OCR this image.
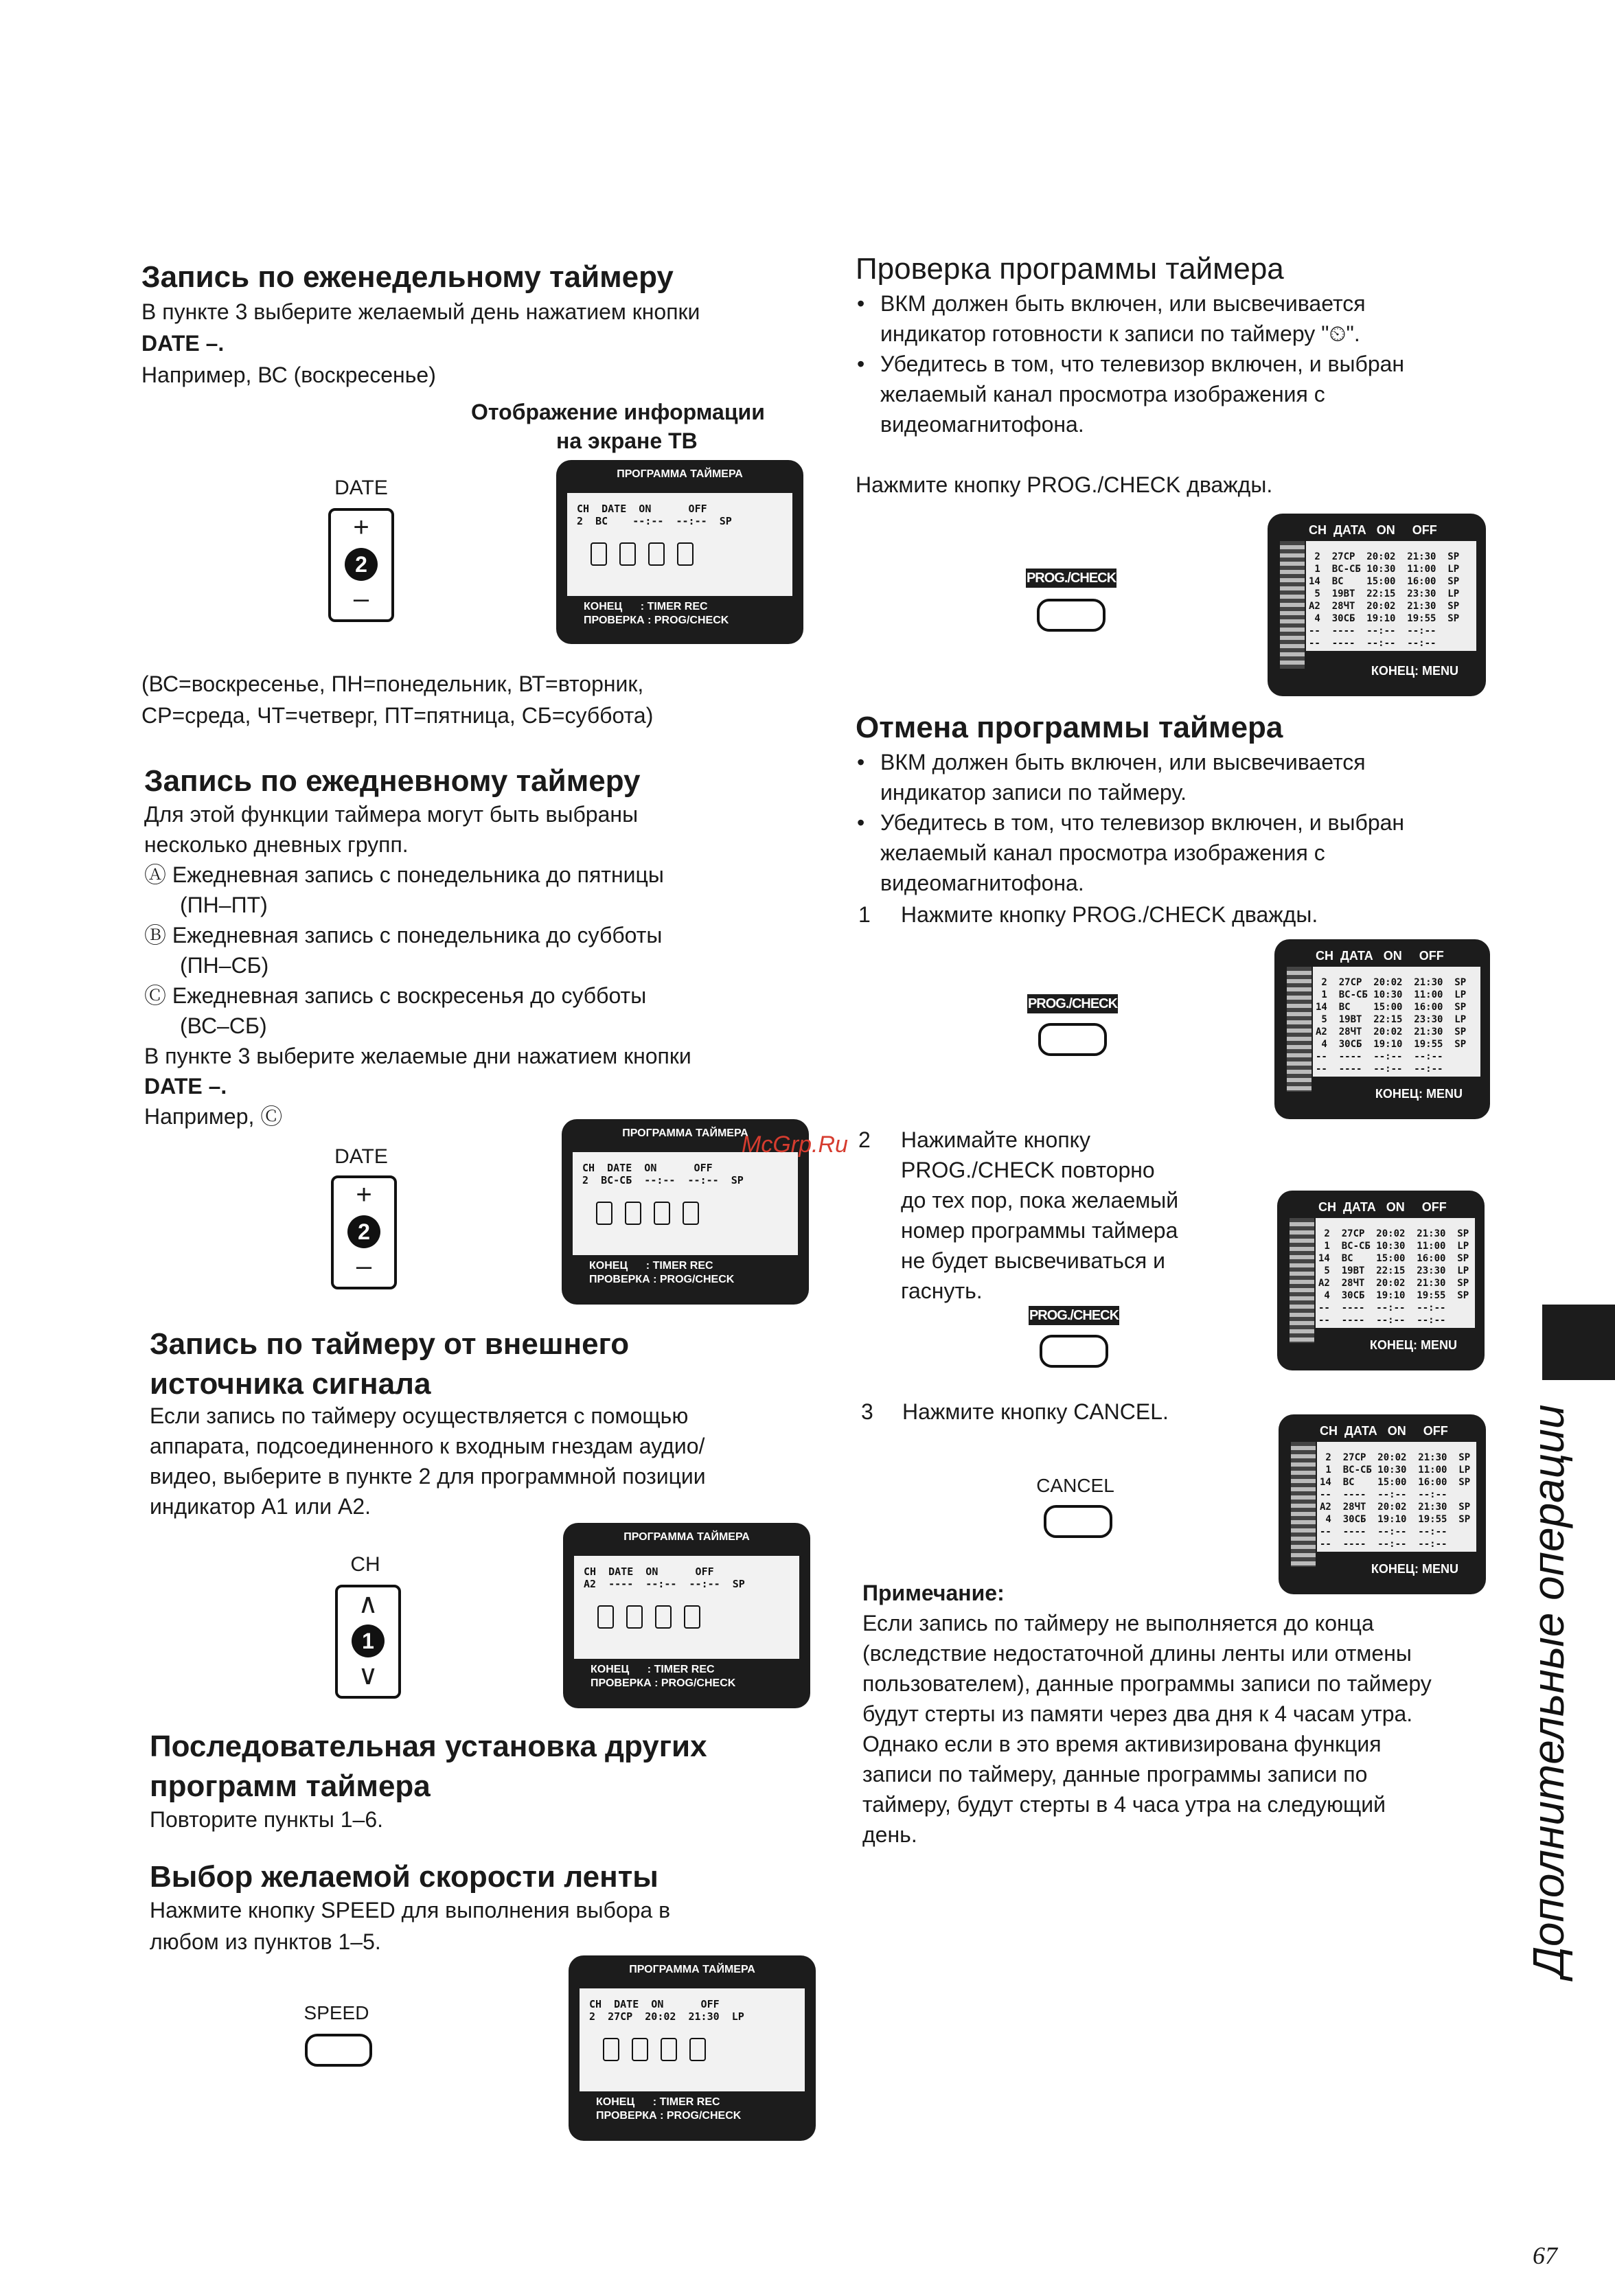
Запись по еженедельному таймеру
В пункте 3 выберите желаемый день нажатием кнопки
DATE –.
Например, ВС (воскресенье)
Отображение информации
на экране ТВ
DATE
+
2
–
ПРОГРАММА ТАЙМЕРА
CH  DATE  ON      OFF
2  ВС    --:--  --:--  SP
КОНЕЦ      : TIMER REC
ПРОВЕРКА : PROG/CHECK
(ВС=воскресенье, ПН=понедельник, ВТ=вторник,
СР=среда, ЧТ=четверг, ПТ=пятница, СБ=суббота)
Запись по ежедневному таймеру
Для этой функции таймера могут быть выбраны
несколько дневных групп.
Ⓐ Ежедневная запись с понедельника до пятницы
(ПН–ПТ)
Ⓑ Ежедневная запись с понедельника до субботы
(ПН–СБ)
Ⓒ Ежедневная запись с воскресенья до субботы
(ВС–СБ)
В пункте 3 выберите желаемые дни нажатием кнопки
DATE –.
Например, Ⓒ
DATE
+
2
–
ПРОГРАММА ТАЙМЕРА
CH  DATE  ON      OFF
2  ВС-СБ  --:--  --:--  SP
КОНЕЦ      : TIMER REC
ПРОВЕРКА : PROG/CHECK
McGrp.Ru
Запись по таймеру от внешнего
источника сигнала
Если запись по таймеру осуществляется с помощью
аппарата, подсоединенного к входным гнездам аудио/
видео, выберите в пункте 2 для программной позиции
индикатор А1 или А2.
CH
∧
1
∨
ПРОГРАММА ТАЙМЕРА
CH  DATE  ON      OFF
A2  ----  --:--  --:--  SP
КОНЕЦ      : TIMER REC
ПРОВЕРКА : PROG/CHECK
Последовательная установка других
программ таймера
Повторите пункты 1–6.
Выбор желаемой скорости ленты
Нажмите кнопку SPEED для выполнения выбора в
любом из пунктов 1–5.
SPEED
ПРОГРАММА ТАЙМЕРА
CH  DATE  ON      OFF
2  27СР  20:02  21:30  LP
КОНЕЦ      : TIMER REC
ПРОВЕРКА : PROG/CHECK
Проверка программы таймера
• ВКМ должен быть включен, или высвечивается
индикатор готовности к записи по таймеру "⏲".
• Убедитесь в том, что телевизор включен, и выбран
желаемый канал просмотра изображения с
видеомагнитофона.
Нажмите кнопку PROG./CHECK дважды.
PROG./CHECK
CH  ДАТА   ON     OFF
2  27СР  20:02  21:30  SP
1  ВС-СБ 10:30  11:00  LP
14  ВС    15:00  16:00  SP
5  19ВТ  22:15  23:30  LP
A2  28ЧТ  20:02  21:30  SP
4  30СБ  19:10  19:55  SP
--  ----  --:--  --:--
--  ----  --:--  --:--
КОНЕЦ: MENU
Отмена программы таймера
• ВКМ должен быть включен, или высвечивается
индикатор записи по таймеру.
• Убедитесь в том, что телевизор включен, и выбран
желаемый канал просмотра изображения с
видеомагнитофона.
1 Нажмите кнопку PROG./CHECK дважды.
PROG./CHECK
CH  ДАТА   ON     OFF
2  27СР  20:02  21:30  SP
1  ВС-СБ 10:30  11:00  LP
14  ВС    15:00  16:00  SP
5  19ВТ  22:15  23:30  LP
A2  28ЧТ  20:02  21:30  SP
4  30СБ  19:10  19:55  SP
--  ----  --:--  --:--
--  ----  --:--  --:--
КОНЕЦ: MENU
2 Нажимайте кнопку
PROG./CHECK повторно
до тех пор, пока желаемый
номер программы таймера
не будет высвечиваться и
гаснуть.
PROG./CHECK
CH  ДАТА   ON     OFF
2  27СР  20:02  21:30  SP
1  ВС-СБ 10:30  11:00  LP
14  ВС    15:00  16:00  SP
5  19ВТ  22:15  23:30  LP
A2  28ЧТ  20:02  21:30  SP
4  30СБ  19:10  19:55  SP
--  ----  --:--  --:--
--  ----  --:--  --:--
КОНЕЦ: MENU
3 Нажмите кнопку CANCEL.
CANCEL
CH  ДАТА   ON     OFF
2  27СР  20:02  21:30  SP
1  ВС-СБ 10:30  11:00  LP
14  ВС    15:00  16:00  SP
--  ----  --:--  --:--
A2  28ЧТ  20:02  21:30  SP
4  30СБ  19:10  19:55  SP
--  ----  --:--  --:--
--  ----  --:--  --:--
КОНЕЦ: MENU
Примечание:
Если запись по таймеру не выполняется до конца
(вследствие недостаточной длины ленты или отмены
пользователем), данные программы записи по таймеру
будут стерты из памяти через два дня к 4 часам утра.
Однако если в это время активизирована функция
записи по таймеру, данные программы записи по
таймеру, будут стерты в 4 часа утра на следующий
день.	Дополнительные операции
67
